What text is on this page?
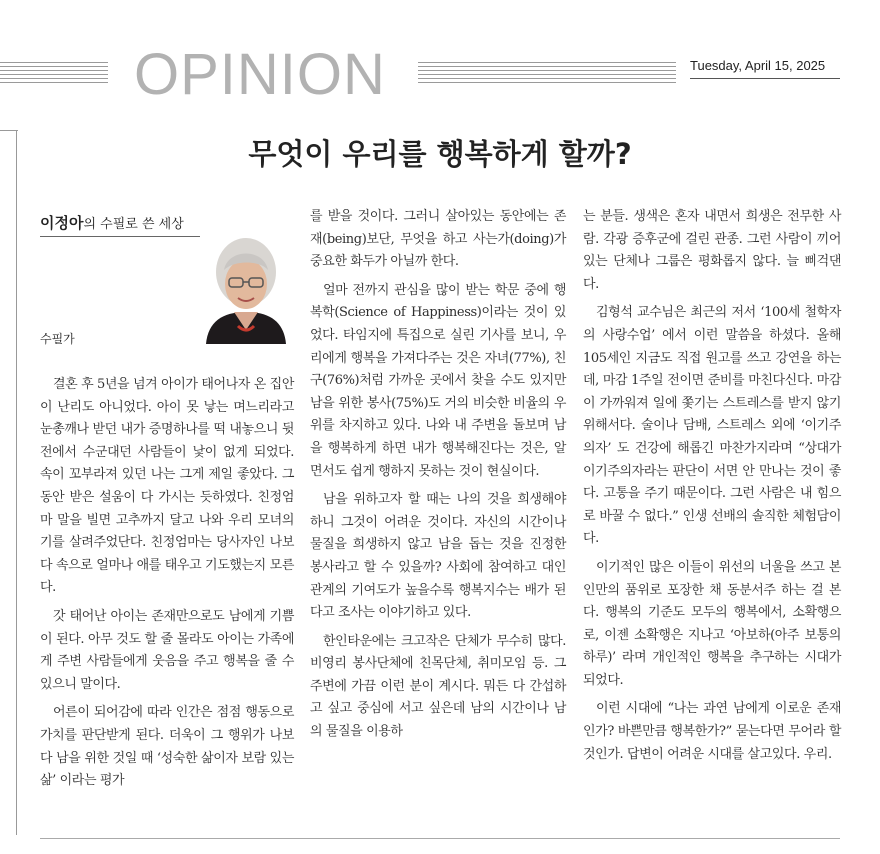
OPINION	Tuesday, April 15, 2025
무엇이 우리를 행복하게 할까?
이정아의 수필로 쓴 세상
수필가

결혼 후 5년을 넘겨 아이가 태어나자 온 집안이 난리도 아니었다. 아이 못 낳는 며느리라고 눈총깨나 받던 내가 증명하나를 떡 내놓으니 뒷전에서 수군대던 사람들이 낯이 없게 되었다. 속이 꼬부라져 있던 나는 그게 제일 좋았다. 그동안 받은 설움이 다 가시는 듯하였다. 친정엄마 말을 빌면 고추까지 달고 나와 우리 모녀의 기를 살려주었단다. 친정엄마는 당사자인 나보다 속으로 얼마나 애를 태우고 기도했는지 모른다.

갓 태어난 아이는 존재만으로도 남에게 기쁨이 된다. 아무 것도 할 줄 몰라도 아이는 가족에게 주변 사람들에게 웃음을 주고 행복을 줄 수 있으니 말이다.

어른이 되어감에 따라 인간은 점점 행동으로 가치를 판단받게 된다. 더욱이 그 행위가 나보다 남을 위한 것일 때 ‘성숙한 삶이자 보람 있는 삶’ 이라는 평가

를 받을 것이다. 그러니 살아있는 동안에는 존재(being)보단, 무엇을 하고 사는가(doing)가 중요한 화두가 아닐까 한다.

얼마 전까지 관심을 많이 받는 학문 중에 행복학(Science of Happiness)이라는 것이 있었다. 타임지에 특집으로 실린 기사를 보니, 우리에게 행복을 가져다주는 것은 자녀(77%), 친구(76%)처럼 가까운 곳에서 찾을 수도 있지만 남을 위한 봉사(75%)도 거의 비슷한 비율의 우위를 차지하고 있다. 나와 내 주변을 돌보며 남을 행복하게 하면 내가 행복해진다는 것은, 알면서도 쉽게 행하지 못하는 것이 현실이다.

남을 위하고자 할 때는 나의 것을 희생해야 하니 그것이 어려운 것이다. 자신의 시간이나 물질을 희생하지 않고 남을 돕는 것을 진정한 봉사라고 할 수 있을까? 사회에 참여하고 대인관계의 기여도가 높을수록 행복지수는 배가 된다고 조사는 이야기하고 있다.

한인타운에는 크고작은 단체가 무수히 많다. 비영리 봉사단체에 친목단체, 취미모임 등. 그 주변에 가끔 이런 분이 계시다. 뭐든 다 간섭하고 싶고 중심에 서고 싶은데 남의 시간이나 남의 물질을 이용하

는 분들. 생색은 혼자 내면서 희생은 전무한 사람. 각광 증후군에 걸린 관종. 그런 사람이 끼어있는 단체나 그룹은 평화롭지 않다. 늘 삐걱댄다.

김형석 교수님은 최근의 저서 ‘100세 철학자의 사랑수업’ 에서 이런 말씀을 하셨다. 올해 105세인 지금도 직접 원고를 쓰고 강연을 하는데, 마감 1주일 전이면 준비를 마친다신다. 마감이 가까워져 일에 쫓기는 스트레스를 받지 않기 위해서다. 술이나 담배, 스트레스 외에 ‘이기주의자’ 도 건강에 해롭긴 마찬가지라며 “상대가 이기주의자라는 판단이 서면 안 만나는 것이 좋다. 고통을 주기 때문이다. 그런 사람은 내 힘으로 바꿀 수 없다.” 인생 선배의 솔직한 체험담이다.

이기적인 많은 이들이 위선의 너울을 쓰고 본인만의 품위로 포장한 채 동분서주 하는 걸 본다. 행복의 기준도 모두의 행복에서, 소확행으로, 이젠 소확행은 지나고 ‘아보하(아주 보통의 하루)’ 라며 개인적인 행복을 추구하는 시대가 되었다.

이런 시대에 “나는 과연 남에게 이로운 존재인가? 바쁜만큼 행복한가?” 묻는다면 무어라 할 것인가. 답변이 어려운 시대를 살고있다. 우리.
